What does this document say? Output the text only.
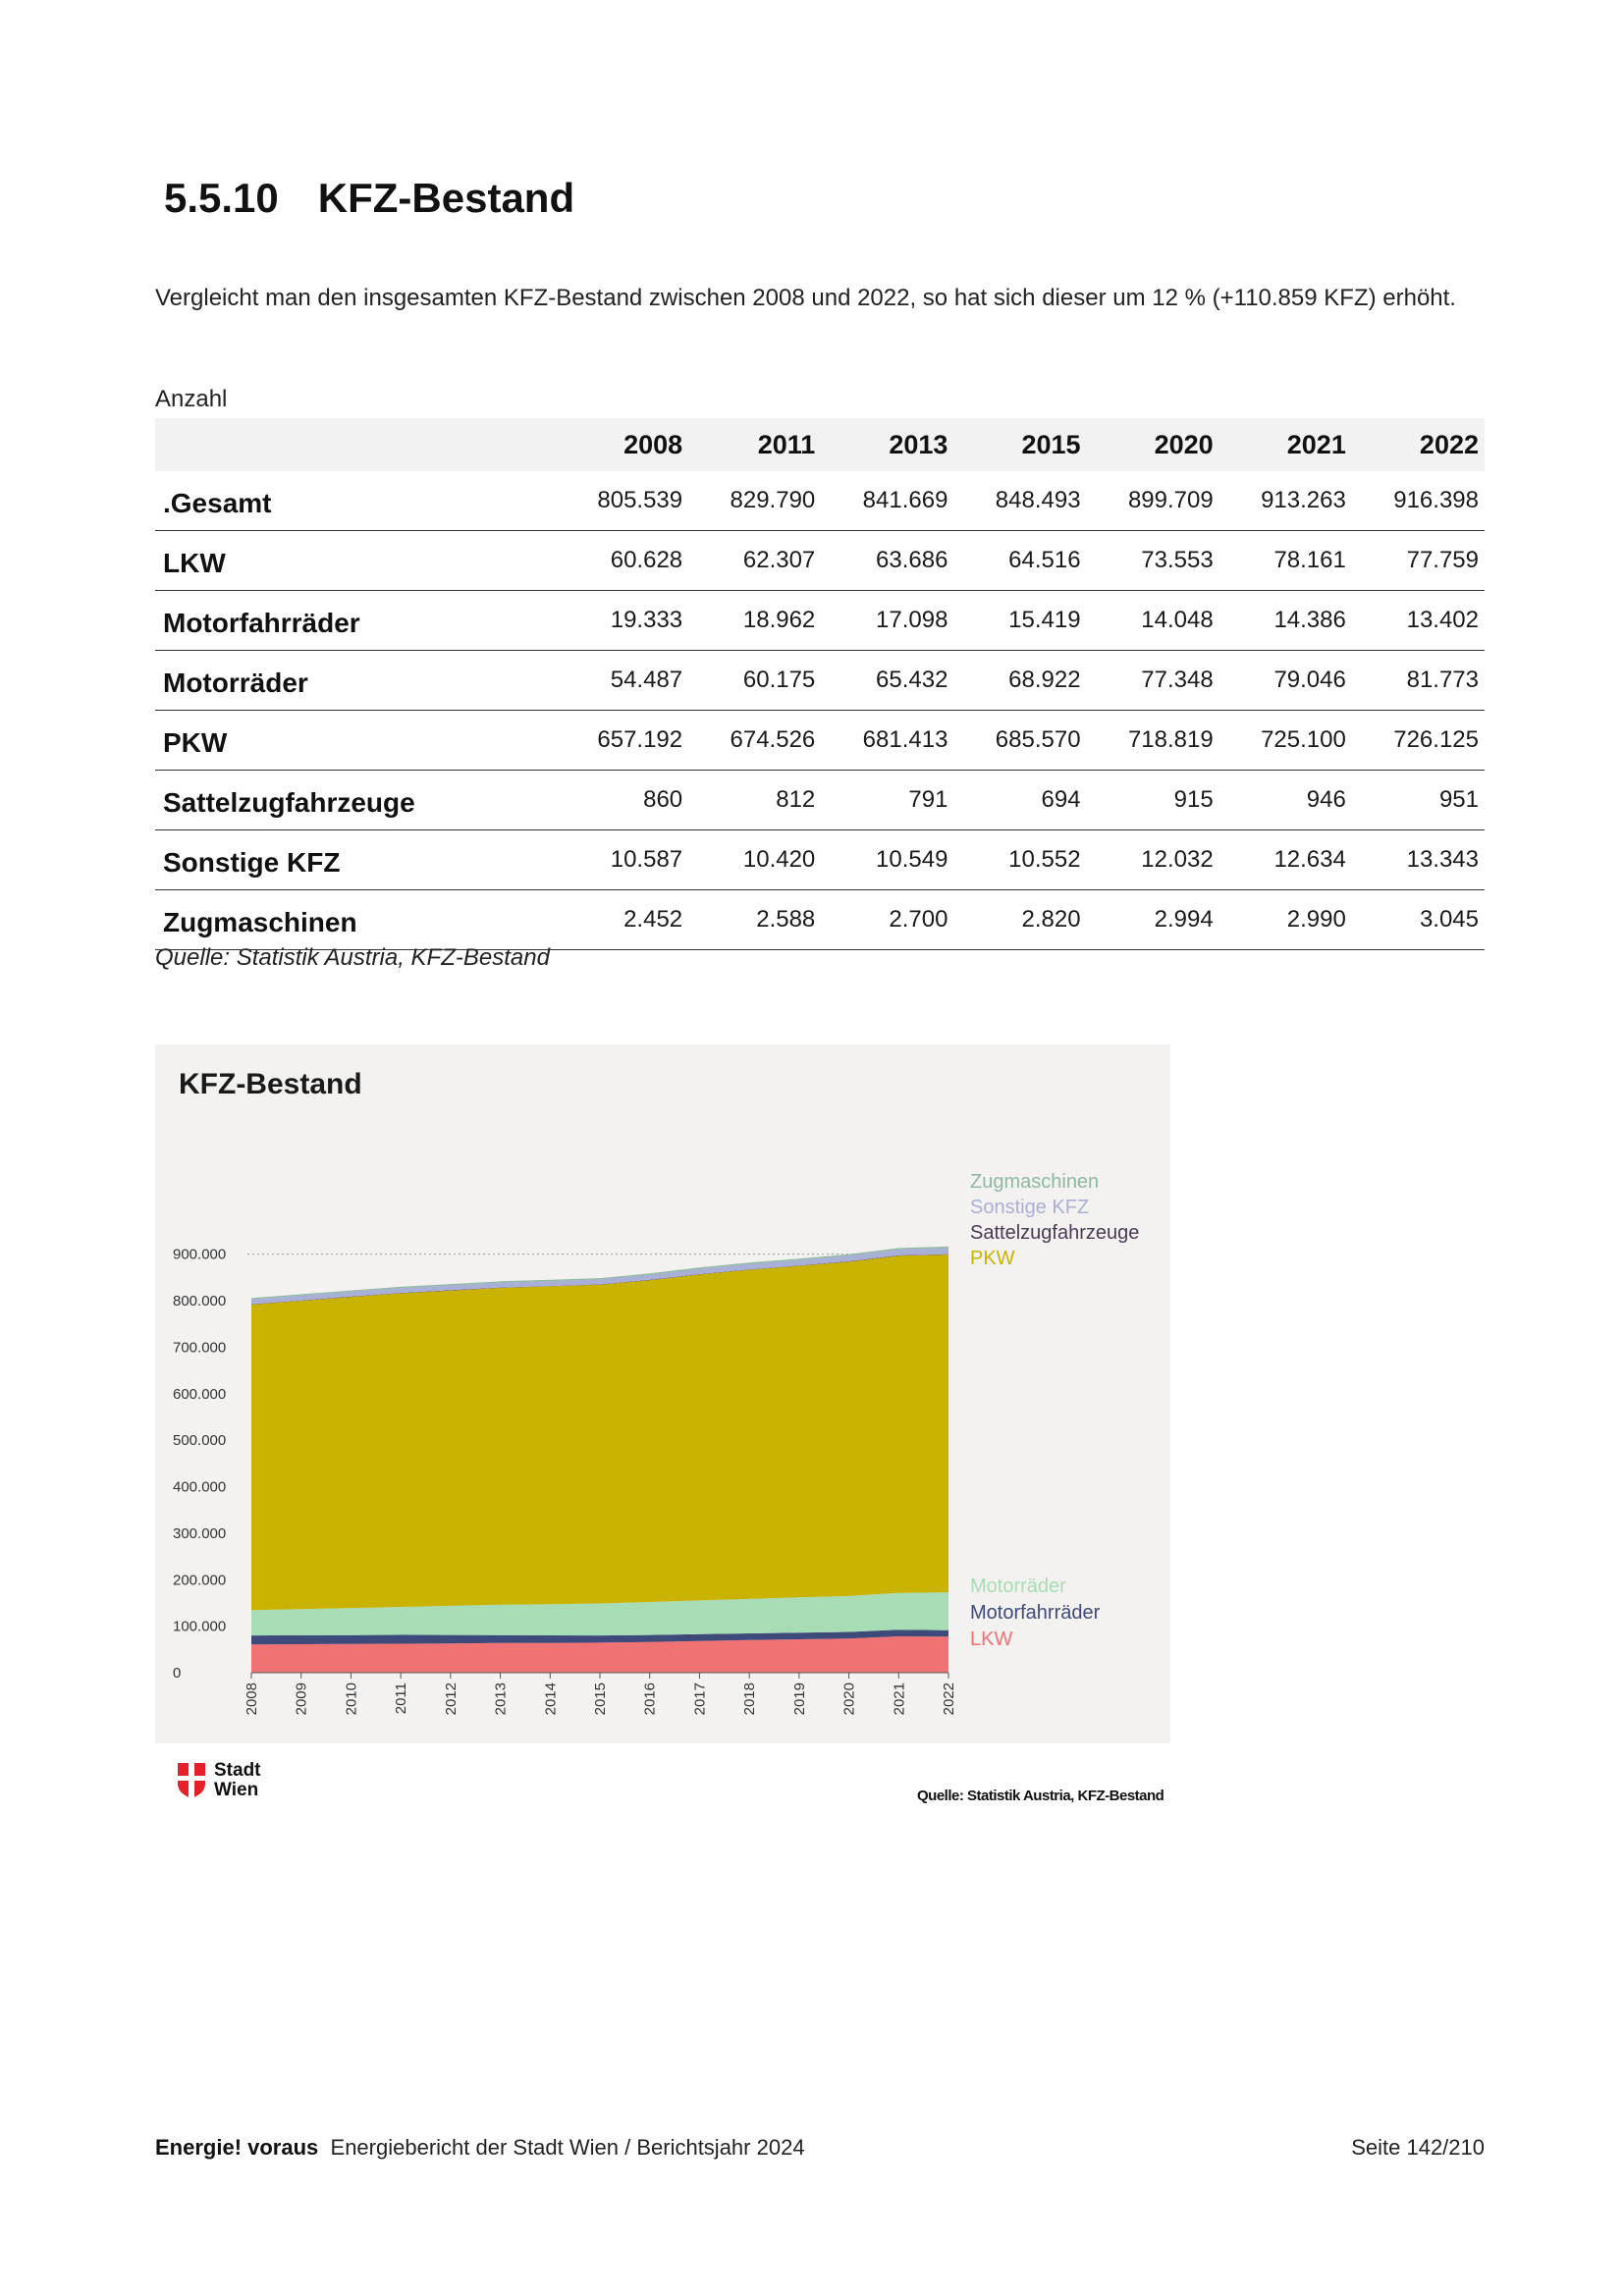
5.5.10 KFZ-Bestand

Vergleicht man den insgesamten KFZ-Bestand zwischen 2008 und 2022, so hat sich dieser um 12 % (+110.859 KFZ) erhöht.

Anzahl
	2008	2011	2013	2015	2020	2021	2022
.Gesamt	805.539	829.790	841.669	848.493	899.709	913.263	916.398
LKW	60.628	62.307	63.686	64.516	73.553	78.161	77.759
Motorfahrräder	19.333	18.962	17.098	15.419	14.048	14.386	13.402
Motorräder	54.487	60.175	65.432	68.922	77.348	79.046	81.773
PKW	657.192	674.526	681.413	685.570	718.819	725.100	726.125
Sattelzugfahrzeuge	860	812	791	694	915	946	951
Sonstige KFZ	10.587	10.420	10.549	10.552	12.032	12.634	13.343
Zugmaschinen	2.452	2.588	2.700	2.820	2.994	2.990	3.045
Quelle: Statistik Austria, KFZ-Bestand
KFZ-Bestand
0
100.000
200.000
300.000
400.000
500.000
600.000
700.000
800.000
900.000
2008 2009 2010 2011 2012 2013 2014 2015 2016 2017 2018 2019 2020 2021 2022
Zugmaschinen
Sonstige KFZ
Sattelzugfahrzeuge
PKW
Motorräder
Motorfahrräder
LKW
Stadt
Wien	Quelle: Statistik Austria, KFZ-Bestand
Energie! voraus Energiebericht der Stadt Wien / Berichtsjahr 2024	Seite 142/210
